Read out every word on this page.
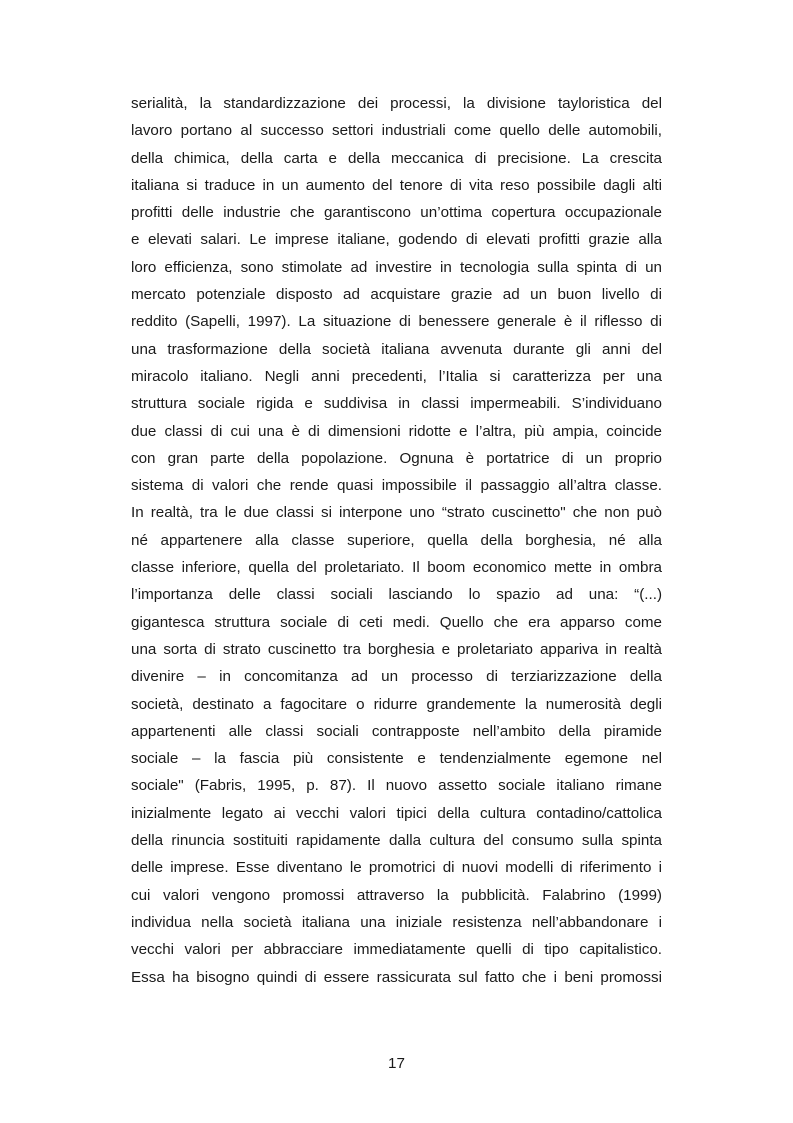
serialità, la standardizzazione dei processi, la divisione tayloristica del
lavoro portano al successo settori industriali come quello delle automobili,
della chimica, della carta e della meccanica di precisione. La crescita
italiana si traduce in un aumento del tenore di vita reso possibile dagli alti
profitti delle industrie che garantiscono un’ottima copertura occupazionale
e elevati salari. Le imprese italiane, godendo di elevati profitti grazie alla
loro efficienza, sono stimolate ad investire in tecnologia sulla spinta di un
mercato potenziale disposto ad acquistare grazie ad un buon livello di
reddito (Sapelli, 1997). La situazione di benessere generale è il riflesso di
una trasformazione della società italiana avvenuta durante gli anni del
miracolo italiano. Negli anni precedenti, l’Italia si caratterizza per una
struttura sociale rigida e suddivisa in classi impermeabili. S’individuano
due classi di cui una è di dimensioni ridotte e l’altra, più ampia, coincide
con gran parte della popolazione. Ognuna è portatrice di un proprio
sistema di valori che rende quasi impossibile il passaggio all’altra classe.
In realtà, tra le due classi si interpone uno “strato cuscinetto" che non può
né appartenere alla classe superiore, quella della borghesia, né alla
classe inferiore, quella del proletariato. Il boom economico mette in ombra
l’importanza delle classi sociali lasciando lo spazio ad una: “(...)
gigantesca struttura sociale di ceti medi. Quello che era apparso come
una sorta di strato cuscinetto tra borghesia e proletariato appariva in realtà
divenire – in concomitanza ad un processo di terziarizzazione della
società, destinato a fagocitare o ridurre grandemente la numerosità degli
appartenenti alle classi sociali contrapposte nell’ambito della piramide
sociale – la fascia più consistente e tendenzialmente egemone nel
sociale" (Fabris, 1995, p. 87). Il nuovo assetto sociale italiano rimane
inizialmente legato ai vecchi valori tipici della cultura contadino/cattolica
della rinuncia sostituiti rapidamente dalla cultura del consumo sulla spinta
delle imprese. Esse diventano le promotrici di nuovi modelli di riferimento i
cui valori vengono promossi attraverso la pubblicità. Falabrino (1999)
individua nella società italiana una iniziale resistenza nell’abbandonare i
vecchi valori per abbracciare immediatamente quelli di tipo capitalistico.
Essa ha bisogno quindi di essere rassicurata sul fatto che i beni promossi
17
